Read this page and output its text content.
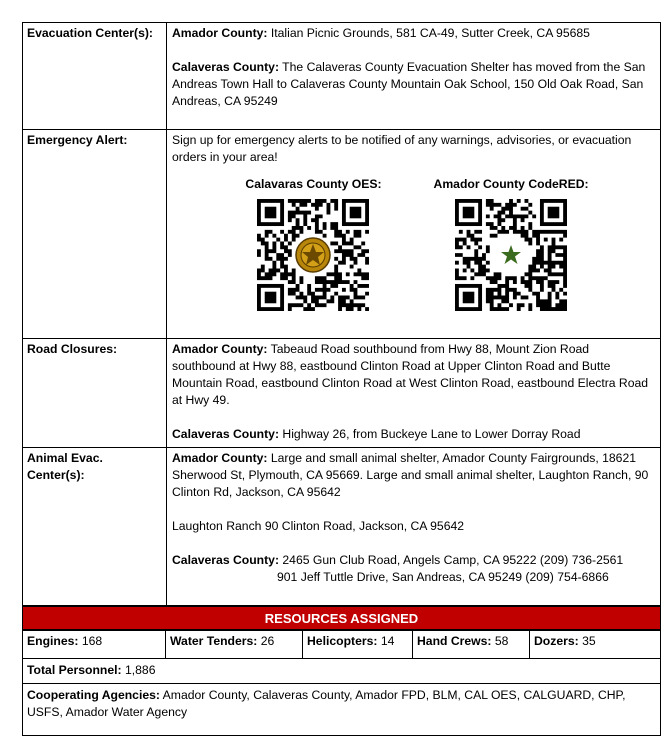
Evacuation Center(s):	Amador County: Italian Picnic Grounds, 581 CA-49, Sutter Creek, CA 95685

Calaveras County: The Calaveras County Evacuation Shelter has moved from the San Andreas Town Hall to Calaveras County Mountain Oak School, 150 Old Oak Road, San Andreas, CA 95249

Emergency Alert:	Sign up for emergency alerts to be notified of any warnings, advisories, or evacuation orders in your area!

Calavaras County OES: Amador County CodeRED:

Road Closures:	Amador County: Tabeaud Road southbound from Hwy 88, Mount Zion Road southbound at Hwy 88, eastbound Clinton Road at Upper Clinton Road and Butte Mountain Road, eastbound Clinton Road at West Clinton Road, eastbound Electra Road at Hwy 49.

Calaveras County: Highway 26, from Buckeye Lane to Lower Dorray Road

Animal Evac. Center(s):	Amador County: Large and small animal shelter, Amador County Fairgrounds, 18621 Sherwood St, Plymouth, CA 95669. Large and small animal shelter, Laughton Ranch, 90 Clinton Rd, Jackson, CA 95642

Laughton Ranch 90 Clinton Road, Jackson, CA 95642

Calaveras County: 2465 Gun Club Road, Angels Camp, CA 95222 (209) 736-2561

901 Jeff Tuttle Drive, San Andreas, CA 95249 (209) 754-6866

RESOURCES ASSIGNED
Engines: 168	Water Tenders: 26	Helicopters: 14	Hand Crews: 58	Dozers: 35
Total Personnel: 1,886
Cooperating Agencies: Amador County, Calaveras County, Amador FPD, BLM, CAL OES, CALGUARD, CHP, USFS, Amador Water Agency
